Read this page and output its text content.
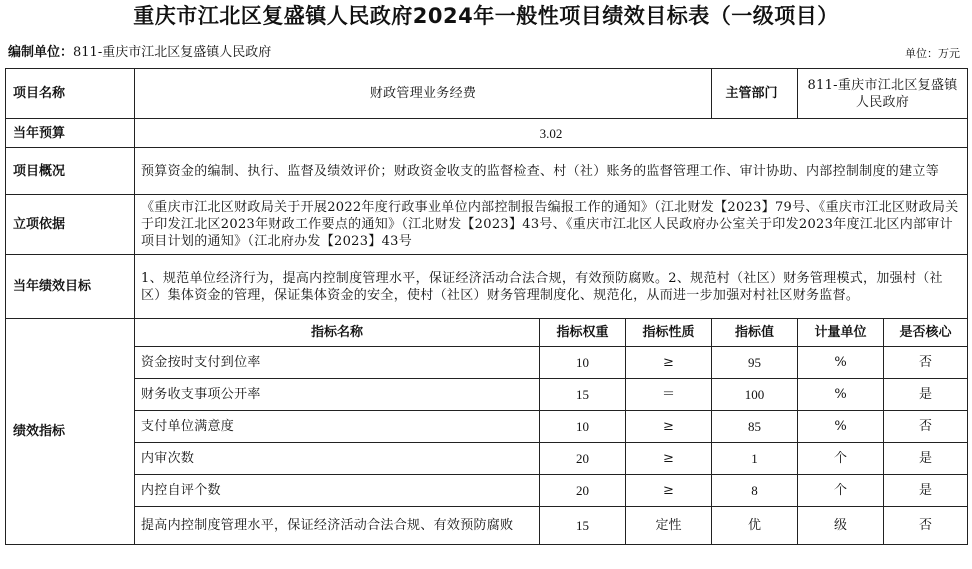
重庆市江北区复盛镇人民政府2024年一般性项目绩效目标表（一级项目）
编制单位：811-重庆市江北区复盛镇人民政府	单位：万元
项目名称	财政管理业务经费			主管部门	811-重庆市江北区复盛镇人民政府	
当年预算	3.02					
项目概况	预算资金的编制、执行、监督及绩效评价；财政资金收支的监督检查、村（社）账务的监督管理工作、审计协助、内部控制制度的建立等					
立项依据	《重庆市江北区财政局关于开展2022年度行政事业单位内部控制报告编报工作的通知》（江北财发【2023】79号、《重庆市江北区财政局关于印发江北区2023年财政工作要点的通知》（江北财发【2023】43号、《重庆市江北区人民政府办公室关于印发2023年度江北区内部审计项目计划的通知》（江北府办发【2023】43号					
当年绩效目标	1、规范单位经济行为，提高内控制度管理水平，保证经济活动合法合规，有效预防腐败。2、规范村（社区）财务管理模式，加强村（社区）集体资金的管理，保证集体资金的安全，使村（社区）财务管理制度化、规范化，从而进一步加强对村社区财务监督。					
绩效指标	指标名称	指标权重	指标性质	指标值	计量单位	是否核心
	资金按时支付到位率	10	≥	95	%	否
	财务收支事项公开率	15	＝	100	%	是
	支付单位满意度	10	≥	85	%	否
	内审次数	20	≥	1	个	是
	内控自评个数	20	≥	8	个	是
	提高内控制度管理水平，保证经济活动合法合规、有效预防腐败	15	定性	优	级	否
